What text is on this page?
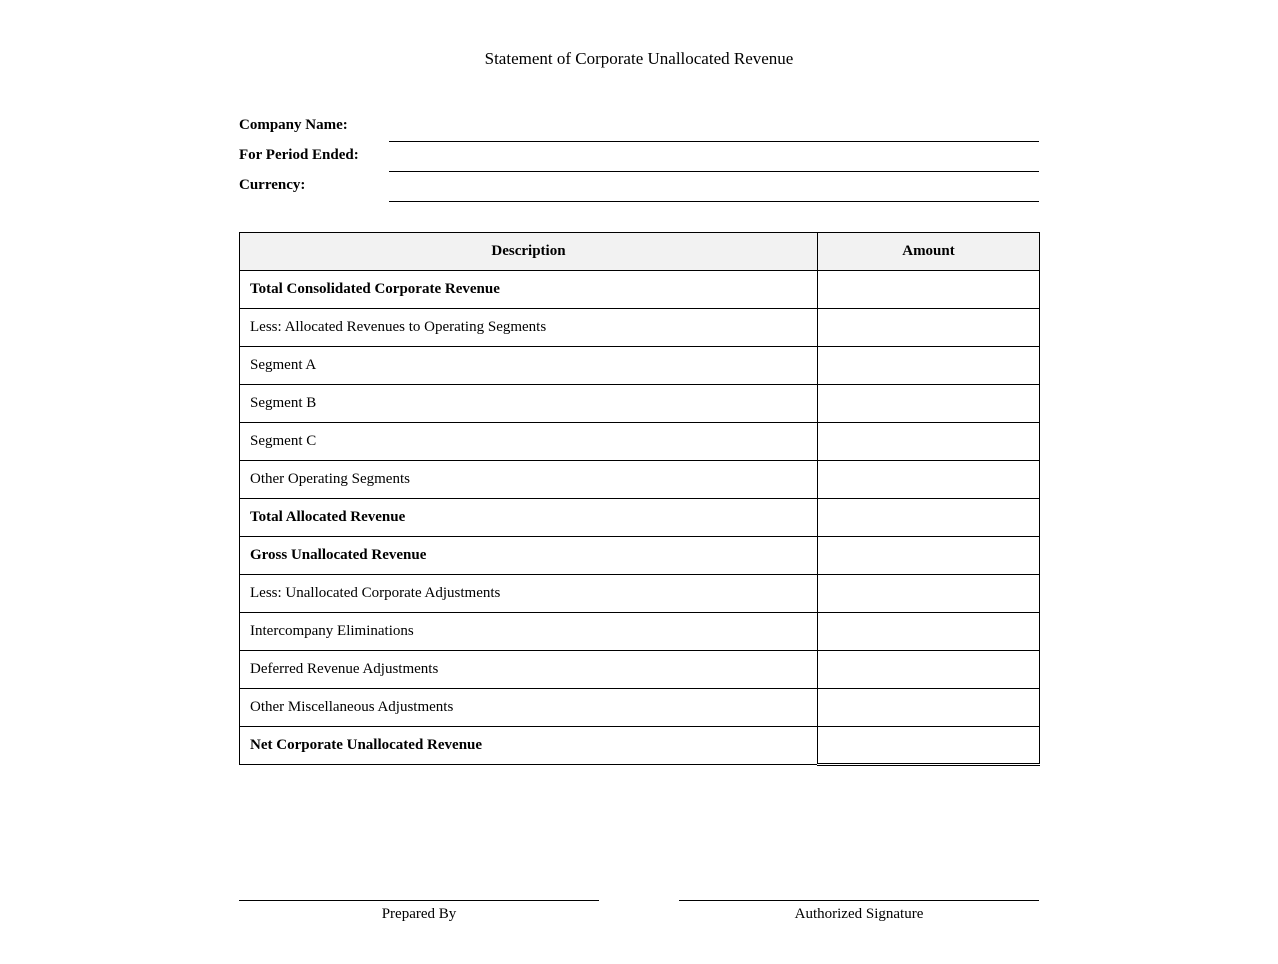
Statement of Corporate Unallocated Revenue
Company Name:
For Period Ended:
Currency:
Description	Amount
Total Consolidated Corporate Revenue	
Less: Allocated Revenues to Operating Segments	
Segment A	
Segment B	
Segment C	
Other Operating Segments	
Total Allocated Revenue	
Gross Unallocated Revenue	
Less: Unallocated Corporate Adjustments	
Intercompany Eliminations	
Deferred Revenue Adjustments	
Other Miscellaneous Adjustments	
Net Corporate Unallocated Revenue	
Prepared By	Authorized Signature
